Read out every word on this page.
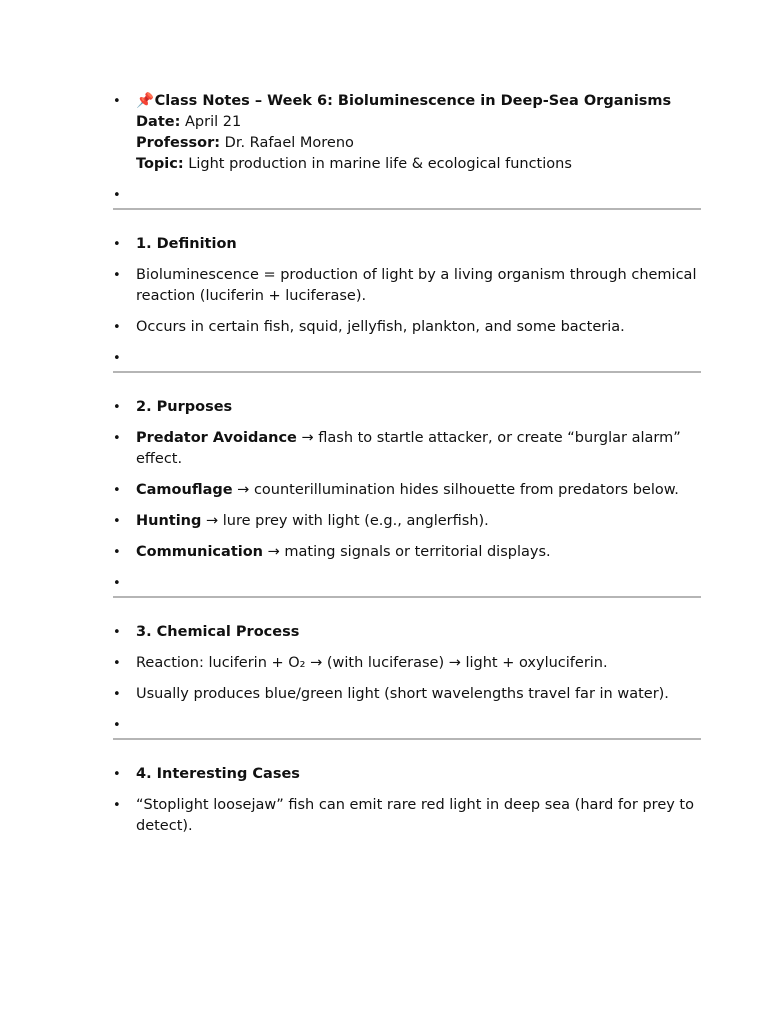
• 📌 Class Notes – Week 6: Bioluminescence in Deep-Sea Organisms
Date: April 21
Professor: Dr. Rafael Moreno
Topic: Light production in marine life & ecological functions
•
• 1. Definition
• Bioluminescence = production of light by a living organism through chemical reaction (luciferin + luciferase).
• Occurs in certain fish, squid, jellyfish, plankton, and some bacteria.
•
• 2. Purposes
• Predator Avoidance → flash to startle attacker, or create “burglar alarm” effect.
• Camouflage → counterillumination hides silhouette from predators below.
• Hunting → lure prey with light (e.g., anglerfish).
• Communication → mating signals or territorial displays.
•
• 3. Chemical Process
• Reaction: luciferin + O₂ → (with luciferase) → light + oxyluciferin.
• Usually produces blue/green light (short wavelengths travel far in water).
•
• 4. Interesting Cases
• “Stoplight loosejaw” fish can emit rare red light in deep sea (hard for prey to detect).
